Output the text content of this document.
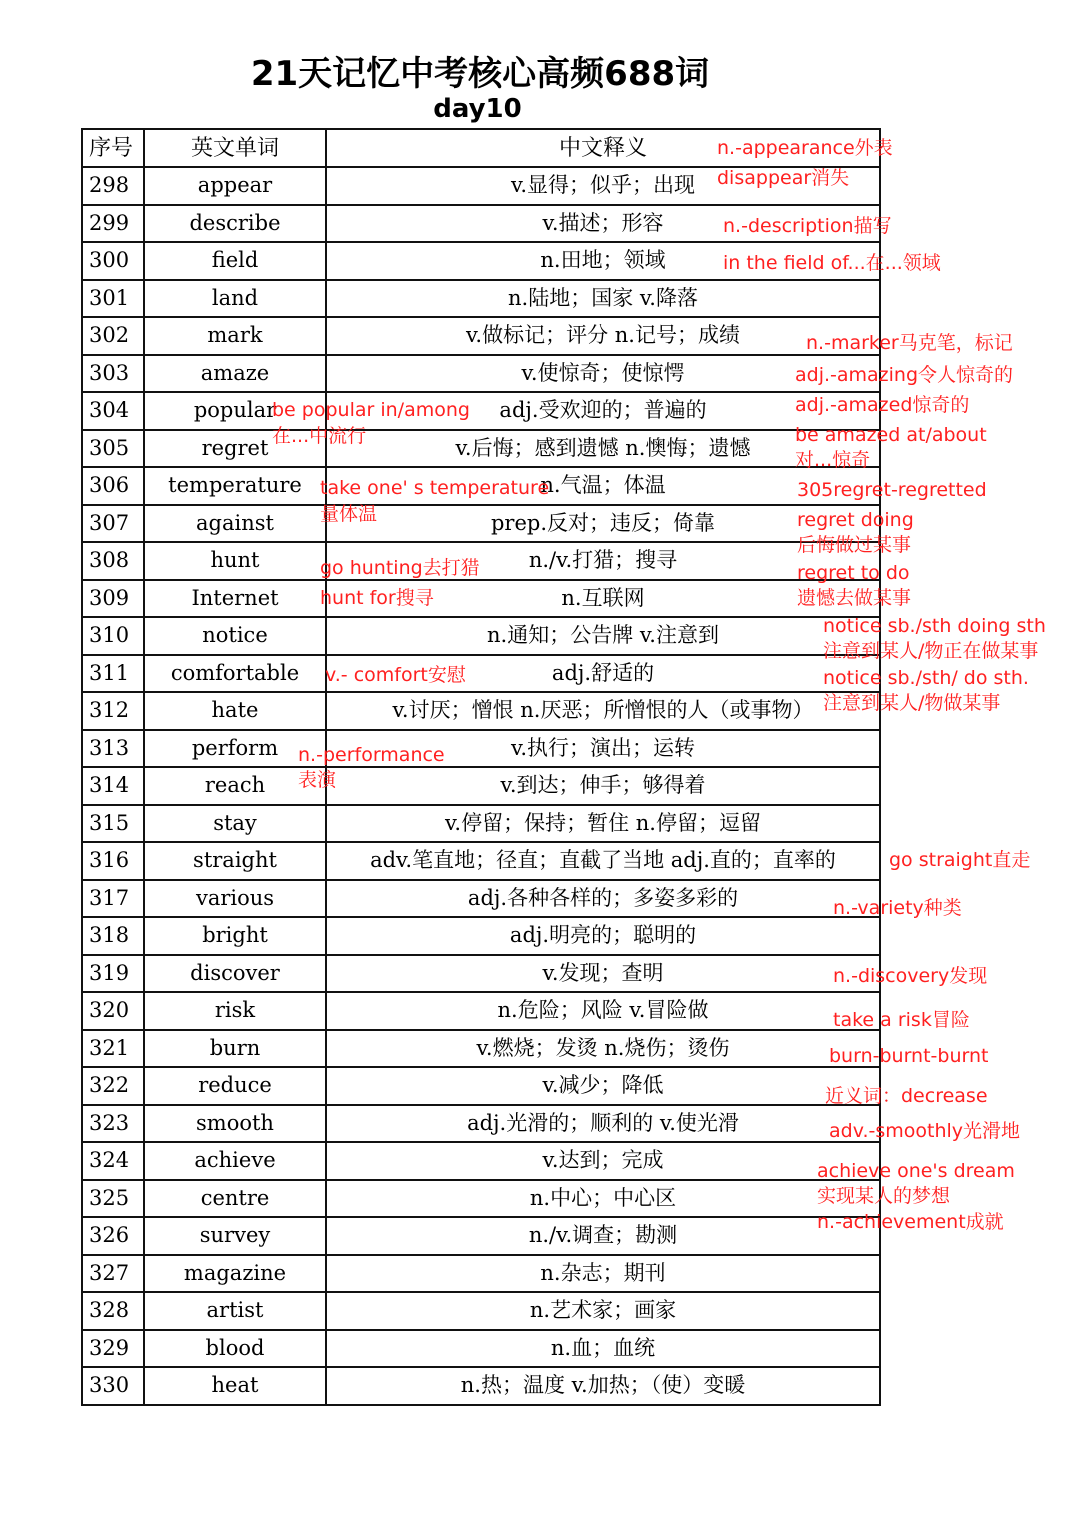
21天记忆中考核心高频688词
day10
序号	英文单词	中文释义
298	appear	v.显得；似乎；出现
299	describe	v.描述；形容
300	field	n.田地；领域
301	land	n.陆地；国家 v.降落
302	mark	v.做标记；评分 n.记号；成绩
303	amaze	v.使惊奇；使惊愕
304	popular	adj.受欢迎的；普遍的
305	regret	v.后悔；感到遗憾 n.懊悔；遗憾
306	temperature	n.气温；体温
307	against	prep.反对；违反；倚靠
308	hunt	n./v.打猎；搜寻
309	Internet	n.互联网
310	notice	n.通知；公告牌 v.注意到
311	comfortable	adj.舒适的
312	hate	v.讨厌；憎恨 n.厌恶；所憎恨的人（或事物）
313	perform	v.执行；演出；运转
314	reach	v.到达；伸手；够得着
315	stay	v.停留；保持；暂住 n.停留；逗留
316	straight	adv.笔直地；径直；直截了当地 adj.直的；直率的
317	various	adj.各种各样的；多姿多彩的
318	bright	adj.明亮的；聪明的
319	discover	v.发现；查明
320	risk	n.危险；风险 v.冒险做
321	burn	v.燃烧；发烫 n.烧伤；烫伤
322	reduce	v.减少；降低
323	smooth	adj.光滑的；顺利的 v.使光滑
324	achieve	v.达到；完成
325	centre	n.中心；中心区
326	survey	n./v.调查；勘测
327	magazine	n.杂志；期刊
328	artist	n.艺术家；画家
329	blood	n.血；血统
330	heat	n.热；温度 v.加热；（使）变暖
n.-appearance外表
disappear消失
n.-description描写
in the field of...在...领域
n.-marker马克笔，标记
adj.-amazing令人惊奇的
adj.-amazed惊奇的
be amazed at/about
对...惊奇
be popular in/among
在...中流行
305regret-regretted
take one' s temperature
量体温	regret doing
后悔做过某事
go hunting去打猎	regret to do
hunt for搜寻	遗憾去做某事
notice sb./sth doing sth
注意到某人/物正在做某事
v.- comfort安慰	notice sb./sth/ do sth.
注意到某人/物做某事
n.-performance
表演
go straight直走
n.-variety种类
n.-discovery发现
take a risk冒险
burn-burnt-burnt
近义词：decrease
adv.-smoothly光滑地
achieve one's dream
实现某人的梦想
n.-achievement成就
